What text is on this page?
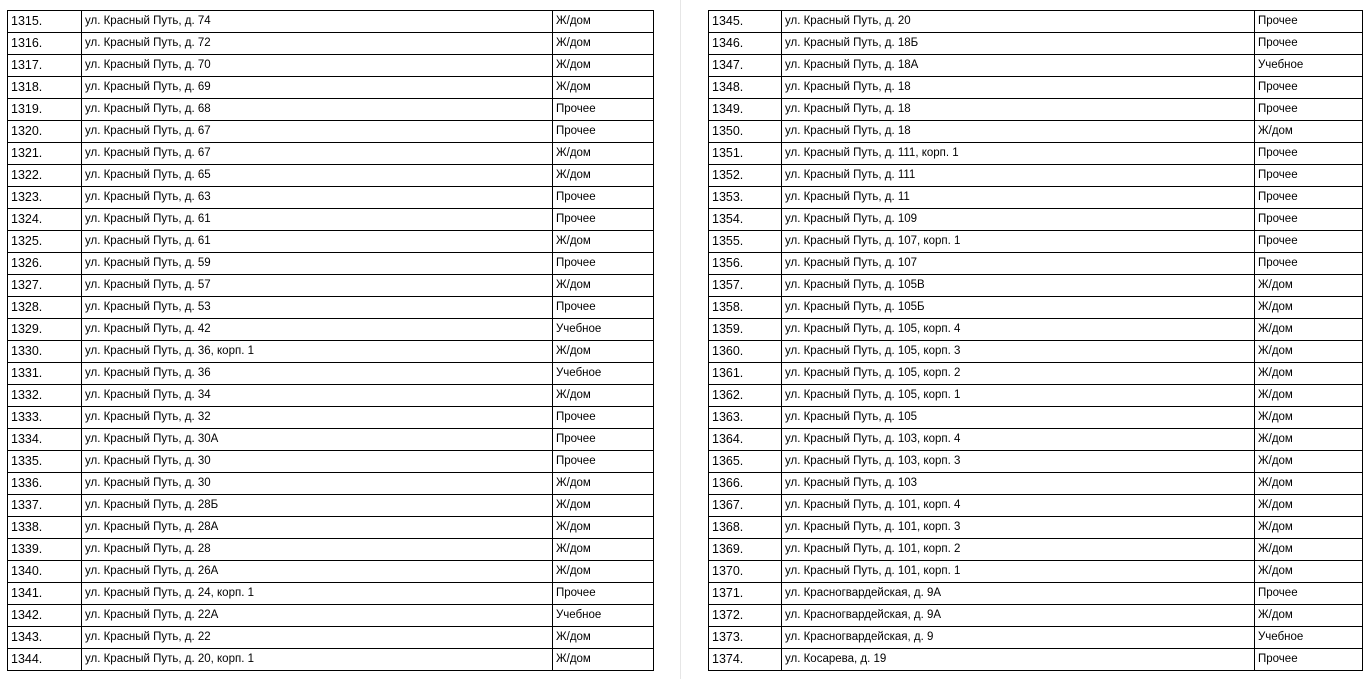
1315.	ул. Красный Путь, д. 74	Ж/дом
1316.	ул. Красный Путь, д. 72	Ж/дом
1317.	ул. Красный Путь, д. 70	Ж/дом
1318.	ул. Красный Путь, д. 69	Ж/дом
1319.	ул. Красный Путь, д. 68	Прочее
1320.	ул. Красный Путь, д. 67	Прочее
1321.	ул. Красный Путь, д. 67	Ж/дом
1322.	ул. Красный Путь, д. 65	Ж/дом
1323.	ул. Красный Путь, д. 63	Прочее
1324.	ул. Красный Путь, д. 61	Прочее
1325.	ул. Красный Путь, д. 61	Ж/дом
1326.	ул. Красный Путь, д. 59	Прочее
1327.	ул. Красный Путь, д. 57	Ж/дом
1328.	ул. Красный Путь, д. 53	Прочее
1329.	ул. Красный Путь, д. 42	Учебное
1330.	ул. Красный Путь, д. 36, корп. 1	Ж/дом
1331.	ул. Красный Путь, д. 36	Учебное
1332.	ул. Красный Путь, д. 34	Ж/дом
1333.	ул. Красный Путь, д. 32	Прочее
1334.	ул. Красный Путь, д. 30А	Прочее
1335.	ул. Красный Путь, д. 30	Прочее
1336.	ул. Красный Путь, д. 30	Ж/дом
1337.	ул. Красный Путь, д. 28Б	Ж/дом
1338.	ул. Красный Путь, д. 28А	Ж/дом
1339.	ул. Красный Путь, д. 28	Ж/дом
1340.	ул. Красный Путь, д. 26А	Ж/дом
1341.	ул. Красный Путь, д. 24, корп. 1	Прочее
1342.	ул. Красный Путь, д. 22А	Учебное
1343.	ул. Красный Путь, д. 22	Ж/дом
1344.	ул. Красный Путь, д. 20, корп. 1	Ж/дом
1345.	ул. Красный Путь, д. 20	Прочее
1346.	ул. Красный Путь, д. 18Б	Прочее
1347.	ул. Красный Путь, д. 18А	Учебное
1348.	ул. Красный Путь, д. 18	Прочее
1349.	ул. Красный Путь, д. 18	Прочее
1350.	ул. Красный Путь, д. 18	Ж/дом
1351.	ул. Красный Путь, д. 111, корп. 1	Прочее
1352.	ул. Красный Путь, д. 111	Прочее
1353.	ул. Красный Путь, д. 11	Прочее
1354.	ул. Красный Путь, д. 109	Прочее
1355.	ул. Красный Путь, д. 107, корп. 1	Прочее
1356.	ул. Красный Путь, д. 107	Прочее
1357.	ул. Красный Путь, д. 105В	Ж/дом
1358.	ул. Красный Путь, д. 105Б	Ж/дом
1359.	ул. Красный Путь, д. 105, корп. 4	Ж/дом
1360.	ул. Красный Путь, д. 105, корп. 3	Ж/дом
1361.	ул. Красный Путь, д. 105, корп. 2	Ж/дом
1362.	ул. Красный Путь, д. 105, корп. 1	Ж/дом
1363.	ул. Красный Путь, д. 105	Ж/дом
1364.	ул. Красный Путь, д. 103, корп. 4	Ж/дом
1365.	ул. Красный Путь, д. 103, корп. 3	Ж/дом
1366.	ул. Красный Путь, д. 103	Ж/дом
1367.	ул. Красный Путь, д. 101, корп. 4	Ж/дом
1368.	ул. Красный Путь, д. 101, корп. 3	Ж/дом
1369.	ул. Красный Путь, д. 101, корп. 2	Ж/дом
1370.	ул. Красный Путь, д. 101, корп. 1	Ж/дом
1371.	ул. Красногвардейская, д. 9А	Прочее
1372.	ул. Красногвардейская, д. 9А	Ж/дом
1373.	ул. Красногвардейская, д. 9	Учебное
1374.	ул. Косарева, д. 19	Прочее
